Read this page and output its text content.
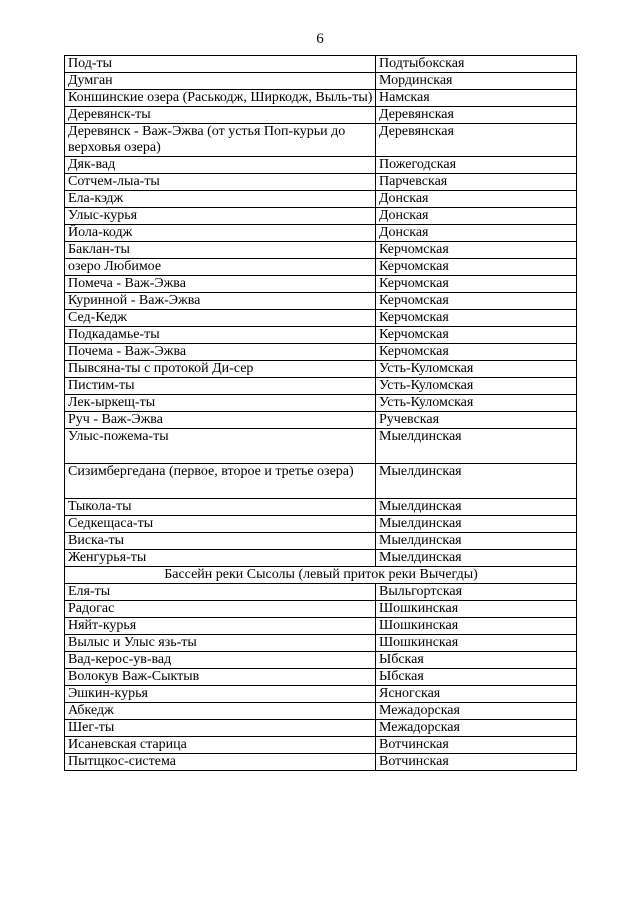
6
Под-ты	Подтыбокская
Думган	Мординская
Коншинские озера (Раськодж, Ширкодж, Выль-ты)	Намская
Деревянск-ты	Деревянская
Деревянск - Важ-Эжва (от устья Поп-курьи до верховья озера)	Деревянская
Дяк-вад	Пожегодская
Сотчем-лыа-ты	Парчевская
Ела-кэдж	Донская
Улыс-курья	Донская
Йола-кодж	Донская
Баклан-ты	Керчомская
озеро Любимое	Керчомская
Помеча - Важ-Эжва	Керчомская
Куринной - Важ-Эжва	Керчомская
Сед-Кедж	Керчомская
Подкадамье-ты	Керчомская
Почема - Важ-Эжва	Керчомская
Пывсяна-ты с протокой Ди-сер	Усть-Куломская
Пистим-ты	Усть-Куломская
Лек-ыркещ-ты	Усть-Куломская
Руч - Важ-Эжва	Ручевская
Улыс-пожема-ты	Мыелдинская
Сизимбергедана (первое, второе и третье озера)	Мыелдинская
Тыкола-ты	Мыелдинская
Седкещаса-ты	Мыелдинская
Виска-ты	Мыелдинская
Женгурья-ты	Мыелдинская
Бассейн реки Сысолы (левый приток реки Вычегды)	
Еля-ты	Выльгортская
Радогас	Шошкинская
Няйт-курья	Шошкинская
Вылыс и Улыс язь-ты	Шошкинская
Вад-керос-ув-вад	Ыбская
Волокув Важ-Сыктыв	Ыбская
Эшкин-курья	Ясногская
Абкедж	Межадорская
Шег-ты	Межадорская
Исаневская старица	Вотчинская
Пытщкос-система	Вотчинская
